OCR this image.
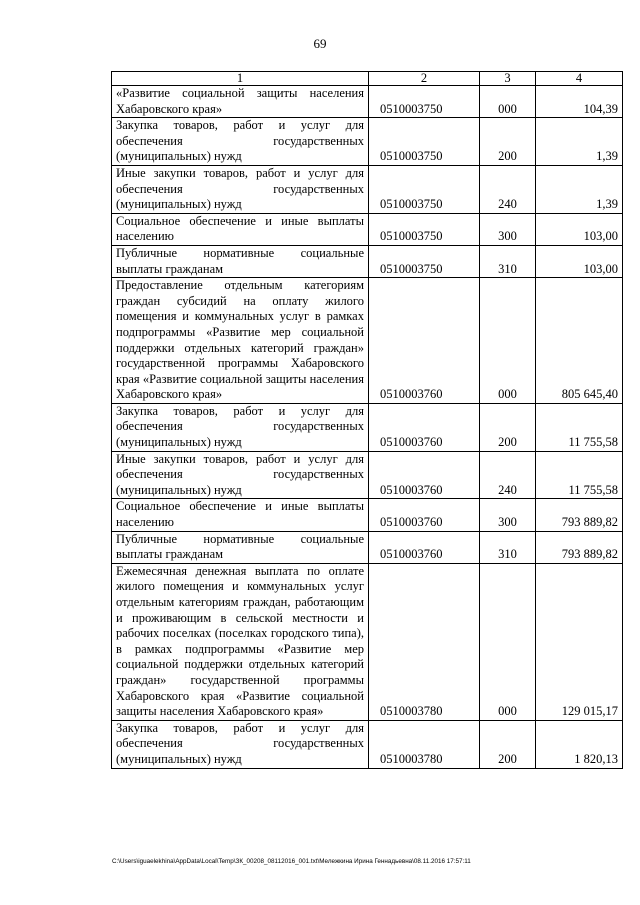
69
1	2	3	4
«Развитие социальной защиты населения Хабаровского края»	0510003750	000	104,39
Закупка товаров, работ и услуг для обеспечения государственных (муниципальных) нужд	0510003750	200	1,39
Иные закупки товаров, работ и услуг для обеспечения государственных (муниципальных) нужд	0510003750	240	1,39
Социальное обеспечение и иные выплаты населению	0510003750	300	103,00
Публичные нормативные социальные выплаты гражданам	0510003750	310	103,00
Предоставление отдельным категориям граждан субсидий на оплату жилого помещения и коммунальных услуг в рамках подпрограммы «Развитие мер социальной поддержки отдельных категорий граждан» государственной программы Хабаровского края «Развитие социальной защиты населения Хабаровского края»	0510003760	000	805 645,40
Закупка товаров, работ и услуг для обеспечения государственных (муниципальных) нужд	0510003760	200	11 755,58
Иные закупки товаров, работ и услуг для обеспечения государственных (муниципальных) нужд	0510003760	240	11 755,58
Социальное обеспечение и иные выплаты населению	0510003760	300	793 889,82
Публичные нормативные социальные выплаты гражданам	0510003760	310	793 889,82
Ежемесячная денежная выплата по оплате жилого помещения и коммунальных услуг отдельным категориям граждан, работающим и проживающим в сельской местности и рабочих поселках (поселках городского типа), в рамках подпрограммы «Развитие мер социальной поддержки отдельных категорий граждан» государственной программы Хабаровского края «Развитие социальной защиты населения Хабаровского края»	0510003780	000	129 015,17
Закупка товаров, работ и услуг для обеспечения государственных (муниципальных) нужд	0510003780	200	1 820,13
C:\Users\iguaelekhina\AppData\Local\Temp\ЗК_00208_08112016_001.txt\Мележкина Ирина Геннадьевна\08.11.2016 17:57:11
